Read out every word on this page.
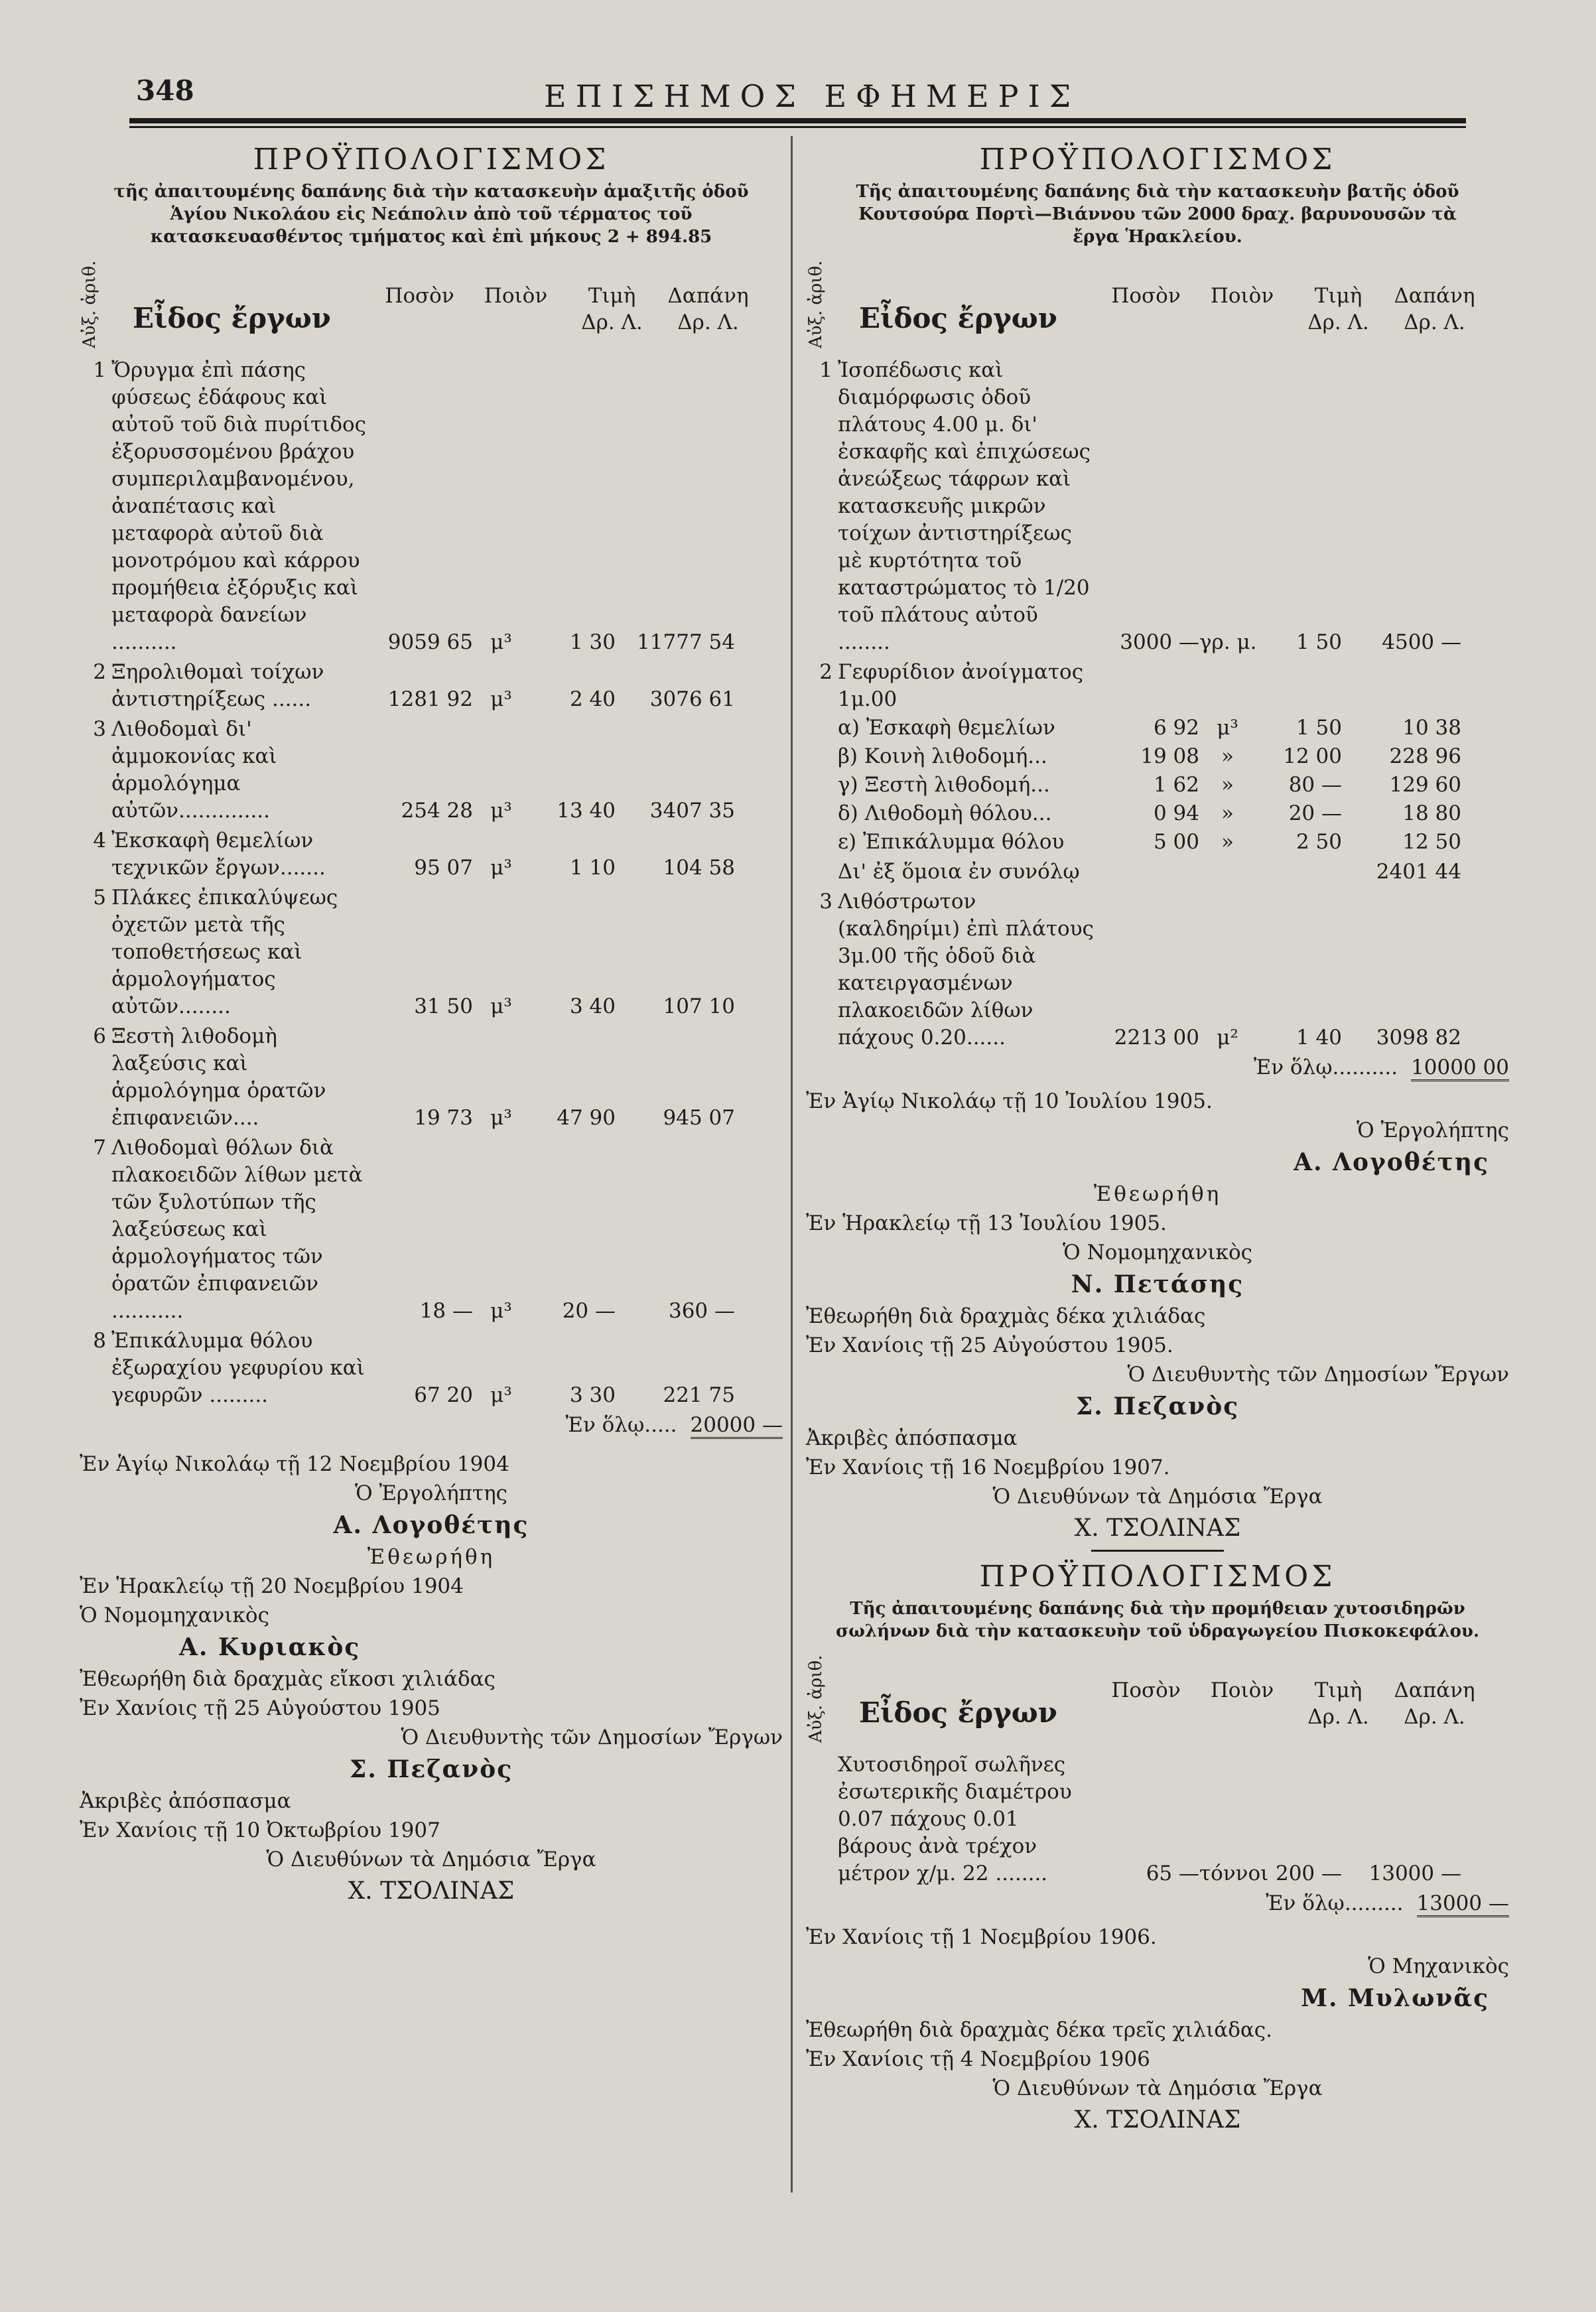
348	ΕΠΙΣΗΜΟΣ ΕΦΗΜΕΡΙΣ
ΠΡΟΫΠΟΛΟΓΙΣΜΟΣ
τῆς ἀπαιτουμένης δαπάνης διὰ τὴν κατασκευὴν ἁμαξιτῆς ὁδοῦ Ἁγίου Νικολάου εἰς Νεάπολιν ἀπὸ τοῦ τέρματος τοῦ κατασκευασθέντος τμήματος καὶ ἐπὶ μήκους 2 + 894.85
Αὐξ. ἀριθ.	Εἶδος ἔργων
Ποσὸν	Ποιὸν	Τιμὴ
Δρ. Λ.
Δαπάνη
Δρ. Λ.
1 Ὄρυγμα ἐπὶ πάσης φύσεως ἐδάφους καὶ αὐτοῦ τοῦ διὰ πυρίτιδος ἐξορυσσομένου βράχου συμπεριλαμβανομένου, ἀναπέτασις καὶ μεταφορὰ αὐτοῦ διὰ μονοτρόμου καὶ κάρρου προμήθεια ἐξόρυξις καὶ μεταφορὰ δανείων ..........	9059 65 μ³	1 30	11777 54
2 Ξηρολιθομαὶ τοίχων ἀντιστηρίξεως ......	1281 92 μ³	2 40	3076 61
3 Λιθοδομαὶ δι' ἀμμοκονίας καὶ ἁρμολόγημα αὐτῶν..............	254 28 μ³	13 40	3407 35
4 Ἐκσκαφὴ θεμελίων τεχνικῶν ἔργων.......	95 07 μ³	1 10	104 58
5 Πλάκες ἐπικαλύψεως ὀχετῶν μετὰ τῆς τοποθετήσεως καὶ ἁρμολογήματος αὐτῶν........	31 50 μ³	3 40	107 10
6 Ξεστὴ λιθοδομὴ λαξεύσις καὶ ἁρμολόγημα ὁρατῶν ἐπιφανειῶν....	19 73 μ³	47 90	945 07
7 Λιθοδομαὶ θόλων διὰ πλακοειδῶν λίθων μετὰ τῶν ξυλοτύπων τῆς λαξεύσεως καὶ ἁρμολογήματος τῶν ὁρατῶν ἐπιφανειῶν ...........	18 — μ³	20 —	360 —
8 Ἐπικάλυμμα θόλου ἐξωραχίου γεφυρίου καὶ γεφυρῶν .........	67 20 μ³	3 30	221 75
Ἐν ὅλῳ..... 20000 —
Ἐν Ἁγίῳ Νικολάῳ τῇ 12 Νοεμβρίου 1904
Ὁ Ἐργολήπτης
Α. Λογοθέτης
Ἐθεωρήθη
Ἐν Ἡρακλείῳ τῇ 20 Νοεμβρίου 1904
Ὁ Νομομηχανικὸς
Α. Κυριακὸς
Ἐθεωρήθη διὰ δραχμὰς εἴκοσι χιλιάδας
Ἐν Χανίοις τῇ 25 Αὐγούστου 1905
Ὁ Διευθυντὴς τῶν Δημοσίων Ἔργων
Σ. Πεζανὸς
Ἀκριβὲς ἀπόσπασμα
Ἐν Χανίοις τῇ 10 Ὀκτωβρίου 1907
Ὁ Διευθύνων τὰ Δημόσια Ἔργα
Χ. ΤΣΟΛΙΝΑΣ
ΠΡΟΫΠΟΛΟΓΙΣΜΟΣ
Τῆς ἀπαιτουμένης δαπάνης διὰ τὴν κατασκευὴν βατῆς ὁδοῦ Κουτσούρα Πορτὶ—Βιάννου τῶν 2000 δραχ. βαρυνουσῶν τὰ ἔργα Ἡρακλείου.
Αὐξ. ἀριθ.	Εἶδος ἔργων
Ποσὸν	Ποιὸν	Τιμὴ
Δρ. Λ.
Δαπάνη
Δρ. Λ.
1 Ἰσοπέδωσις καὶ διαμόρφωσις ὁδοῦ πλάτους 4.00 μ. δι' ἐσκαφῆς καὶ ἐπιχώσεως ἀνεώξεως τάφρων καὶ κατασκευῆς μικρῶν τοίχων ἀντιστηρίξεως μὲ κυρτότητα τοῦ καταστρώματος τὸ 1/20 τοῦ πλάτους αὐτοῦ ........	3000 — γρ. μ.	1 50	4500 —
2 Γεφυρίδιον ἀνοίγματος 1μ.00
α) Ἐσκαφὴ θεμελίων	6 92 μ³	1 50	10 38
β) Κοινὴ λιθοδομή...	19 08	»	12 00	228 96
γ) Ξεστὴ λιθοδομή...	1 62	»	80 —	129 60
δ) Λιθοδομὴ θόλου...	0 94	»	20 —	18 80
ε) Ἐπικάλυμμα θόλου	5 00	»	2 50	12 50
Δι' ἐξ ὅμοια ἐν συνόλῳ	2401 44
3 Λιθόστρωτον (καλδηρίμι) ἐπὶ πλάτους 3μ.00 τῆς ὁδοῦ διὰ κατειργασμένων πλακοειδῶν λίθων πάχους 0.20......	2213 00 μ²	1 40	3098 82
Ἐν ὅλῳ.......... 10000 00
Ἐν Ἁγίῳ Νικολάῳ τῇ 10 Ἰουλίου 1905.
Ὁ Ἐργολήπτης
Α. Λογοθέτης
Ἐθεωρήθη
Ἐν Ἡρακλείῳ τῇ 13 Ἰουλίου 1905.
Ὁ Νομομηχανικὸς
Ν. Πετάσης
Ἐθεωρήθη διὰ δραχμὰς δέκα χιλιάδας
Ἐν Χανίοις τῇ 25 Αὐγούστου 1905.
Ὁ Διευθυντὴς τῶν Δημοσίων Ἔργων
Σ. Πεζανὸς
Ἀκριβὲς ἀπόσπασμα
Ἐν Χανίοις τῇ 16 Νοεμβρίου 1907.
Ὁ Διευθύνων τὰ Δημόσια Ἔργα
Χ. ΤΣΟΛΙΝΑΣ
ΠΡΟΫΠΟΛΟΓΙΣΜΟΣ
Τῆς ἀπαιτουμένης δαπάνης διὰ τὴν προμήθειαν χυτοσιδηρῶν σωλήνων διὰ τὴν κατασκευὴν τοῦ ὑδραγωγείου Πισκοκεφάλου.
Αὐξ. ἀριθ.	Εἶδος ἔργων
Ποσὸν	Ποιὸν	Τιμὴ
Δρ. Λ.
Δαπάνη
Δρ. Λ.
Χυτοσιδηροῖ σωλῆνες ἐσωτερικῆς διαμέτρου 0.07 πάχους 0.01 βάρους ἀνὰ τρέχον μέτρον χ/μ. 22 ........	65 — τόννοι 200 —	13000 —
Ἐν ὅλῳ......... 13000 —
Ἐν Χανίοις τῇ 1 Νοεμβρίου 1906.
Ὁ Μηχανικὸς
Μ. Μυλωνᾶς
Ἐθεωρήθη διὰ δραχμὰς δέκα τρεῖς χιλιάδας.
Ἐν Χανίοις τῇ 4 Νοεμβρίου 1906
Ὁ Διευθύνων τὰ Δημόσια Ἔργα
Χ. ΤΣΟΛΙΝΑΣ
